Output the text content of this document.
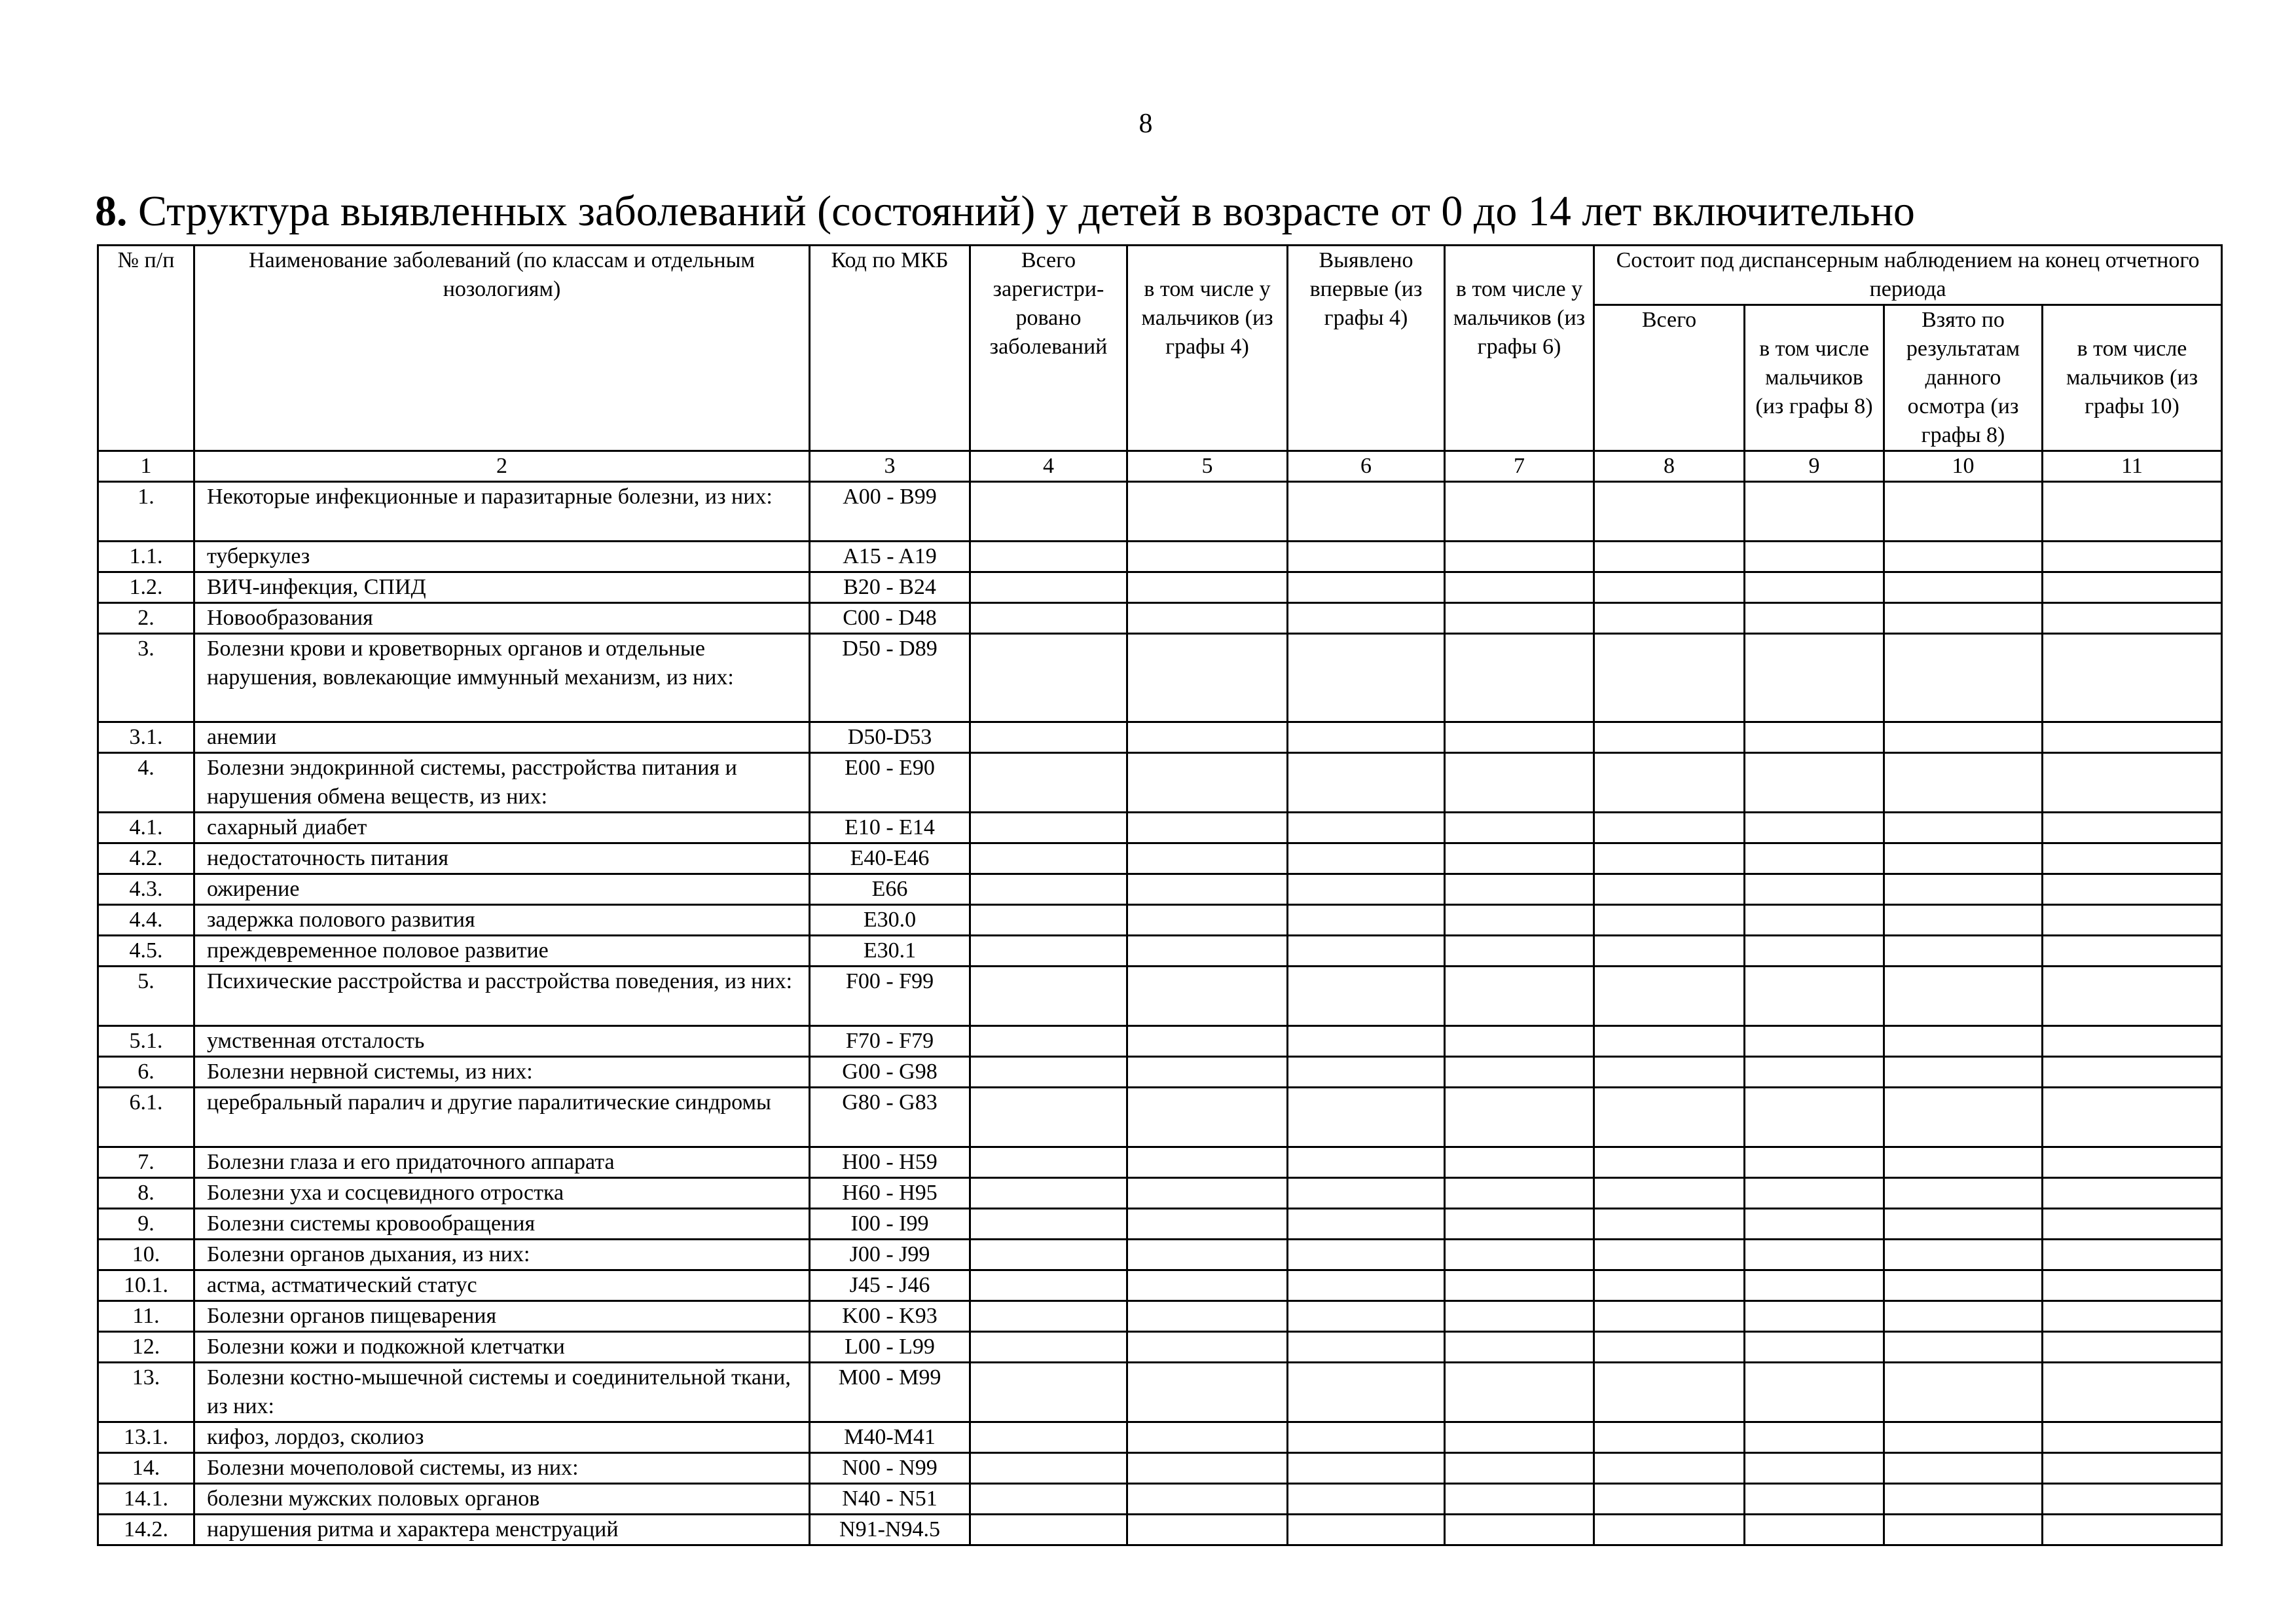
8
8. Структура выявленных заболеваний (состояний) у детей в возрасте от 0 до 14 лет включительно
№ п/п	Наименование заболеваний (по классам и отдельным нозологиям)	Код по МКБ	Всего зарегистри-ровано заболеваний	в том числе у мальчиков (из графы 4)	Выявлено впервые (из графы 4)	в том числе у мальчиков (из графы 6)	Состоит под диспансерным наблюдением на конец отчетного периода			
							Всего	в том числе мальчиков (из графы 8)	Взято по результатам данного осмотра (из графы 8)	в том числе мальчиков (из графы 10)
1	2	3	4	5	6	7	8	9	10	11
1.	Некоторые инфекционные и паразитарные болезни, из них:	A00 - B99								
1.1.	туберкулез	A15 - A19								
1.2.	ВИЧ-инфекция, СПИД	B20 - B24								
2.	Новообразования	C00 - D48								
3.	Болезни крови и кроветворных органов и отдельные нарушения, вовлекающие иммунный механизм, из них:	D50 - D89								
3.1.	анемии	D50-D53								
4.	Болезни эндокринной системы, расстройства питания и нарушения обмена веществ, из них:	E00 - E90								
4.1.	сахарный диабет	E10 - E14								
4.2.	недостаточность питания	E40-E46								
4.3.	ожирение	E66								
4.4.	задержка полового развития	E30.0								
4.5.	преждевременное половое развитие	E30.1								
5.	Психические расстройства и расстройства поведения, из них:	F00 - F99								
5.1.	умственная отсталость	F70 - F79								
6.	Болезни нервной системы, из них:	G00 - G98								
6.1.	церебральный паралич и другие паралитические синдромы	G80 - G83								
7.	Болезни глаза и его придаточного аппарата	H00 - H59								
8.	Болезни уха и сосцевидного отростка	H60 - H95								
9.	Болезни системы кровообращения	I00 - I99								
10.	Болезни органов дыхания, из них:	J00 - J99								
10.1.	астма, астматический статус	J45 - J46								
11.	Болезни органов пищеварения	K00 - K93								
12.	Болезни кожи и подкожной клетчатки	L00 - L99								
13.	Болезни костно-мышечной системы и соединительной ткани, из них:	M00 - M99								
13.1.	кифоз, лордоз, сколиоз	M40-M41								
14.	Болезни мочеполовой системы, из них:	N00 - N99								
14.1.	болезни мужских половых органов	N40 - N51								
14.2.	нарушения ритма и характера менструаций	N91-N94.5								
